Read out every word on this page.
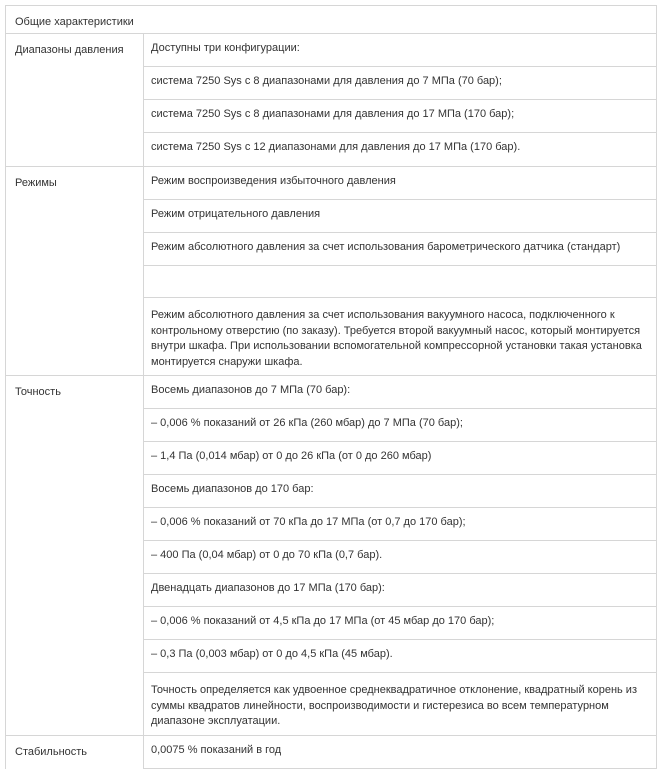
Общие характеристики
Диапазоны давления	Доступны три конфигурации:
система 7250 Sys с 8 диапазонами для давления до 7 МПа (70 бар);
система 7250 Sys с 8 диапазонами для давления до 17 МПа (170 бар);
система 7250 Sys с 12 диапазонами для давления до 17 МПа (170 бар).
Режимы	Режим воспроизведения избыточного давления
Режим отрицательного давления
Режим абсолютного давления за счет использования барометрического датчика (стандарт)
Режим абсолютного давления за счет использования вакуумного насоса, подключенного к контрольному отверстию (по заказу). Требуется второй вакуумный насос, который монтируется внутри шкафа. При использовании вспомогательной компрессорной установки такая установка монтируется снаружи шкафа.
Точность	Восемь диапазонов до 7 МПа (70 бар):
– 0,006 % показаний от 26 кПа (260 мбар) до 7 МПа (70 бар);
– 1,4 Па (0,014 мбар) от 0 до 26 кПа (от 0 до 260 мбар)
Восемь диапазонов до 170 бар:
– 0,006 % показаний от 70 кПа до 17 МПа (от 0,7 до 170 бар);
– 400 Па (0,04 мбар) от 0 до 70 кПа (0,7 бар).
Двенадцать диапазонов до 17 МПа (170 бар):
– 0,006 % показаний от 4,5 кПа до 17 МПа (от 45 мбар до 170 бар);
– 0,3 Па (0,003 мбар) от 0 до 4,5 кПа (45 мбар).
Точность определяется как удвоенное среднеквадратичное отклонение, квадратный корень из суммы квадратов линейности, воспроизводимости и гистерезиса во всем температурном диапазоне эксплуатации.
Стабильность	0,0075 % показаний в год
